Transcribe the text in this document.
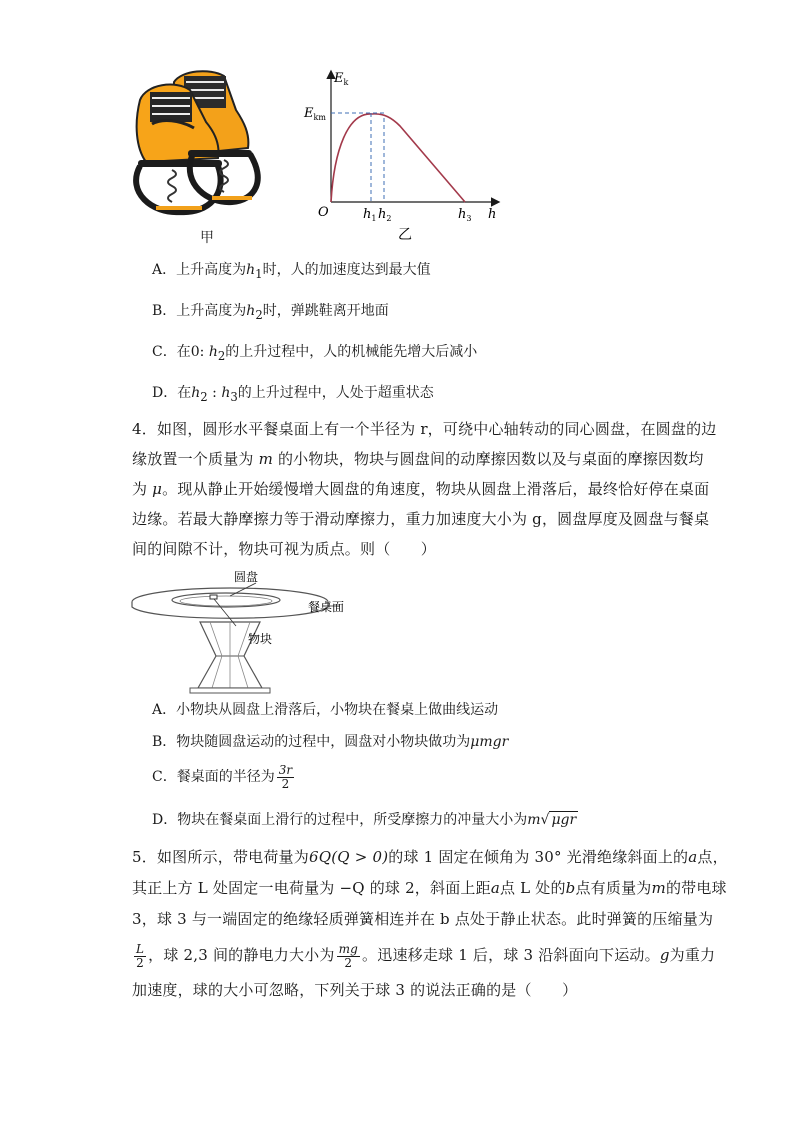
甲
$E_k$
$E_{km}$
O	$h_1$ $h_2$	$h_3$ h
乙
A．上升高度为$h_1$时，人的加速度达到最大值
B．上升高度为$h_2$时，弹跳鞋离开地面
C．在0: $h_2$的上升过程中，人的机械能先增大后减小
D．在$h_2$ : $h_3$的上升过程中，人处于超重状态
4．如图，圆形水平餐桌面上有一个半径为 r，可绕中心轴转动的同心圆盘，在圆盘的边
缘放置一个质量为 m 的小物块，物块与圆盘间的动摩擦因数以及与桌面的摩擦因数均
为 μ。现从静止开始缓慢增大圆盘的角速度，物块从圆盘上滑落后，最终恰好停在桌面
边缘。若最大静摩擦力等于滑动摩擦力，重力加速度大小为 g，圆盘厚度及圆盘与餐桌
间的间隙不计，物块可视为质点。则（　　）
圆盘
餐桌面
物块
A．小物块从圆盘上滑落后，小物块在餐桌上做曲线运动
B．物块随圆盘运动的过程中，圆盘对小物块做功为μmgr
C．餐桌面的半径为 $\frac{3r}{2}$
D．物块在餐桌面上滑行的过程中，所受摩擦力的冲量大小为m√ μgr
5．如图所示，带电荷量为6Q(Q > 0)的球 1 固定在倾角为 30° 光滑绝缘斜面上的a点，
其正上方 L 处固定一电荷量为 −Q 的球 2，斜面上距a点 L 处的b点有质量为m的带电球
3，球 3 与一端固定的绝缘轻质弹簧相连并在 b 点处于静止状态。此时弹簧的压缩量为
$\frac{L}{2}$ ，球 2,3 间的静电力大小为 $\frac{mg}{2}$ 。迅速移走球 1 后，球 3 沿斜面向下运动。g为重力
加速度，球的大小可忽略，下列关于球 3 的说法正确的是（　　）
